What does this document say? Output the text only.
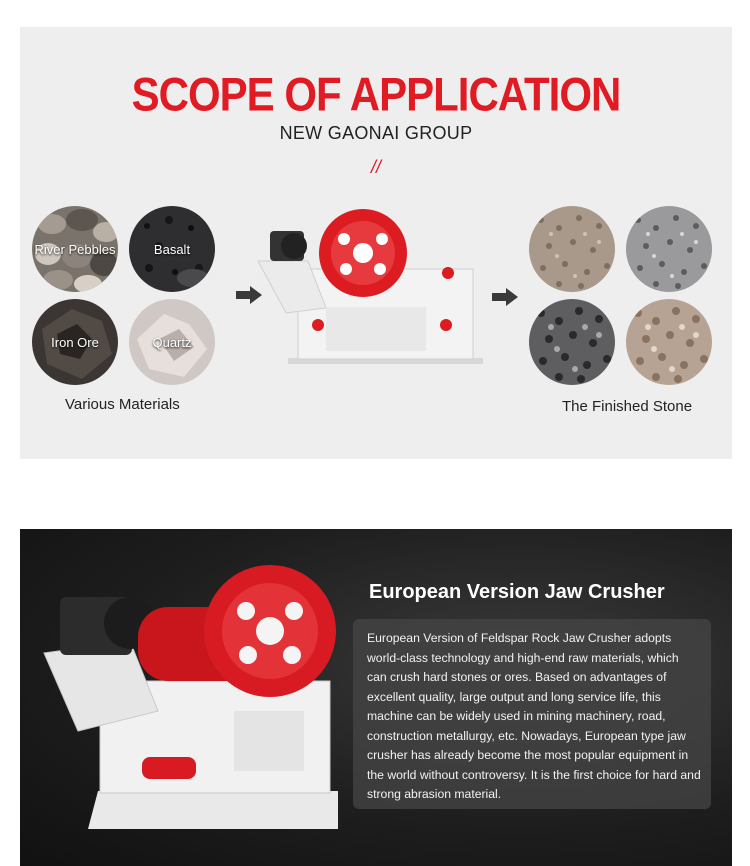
SCOPE OF APPLICATION
NEW GAONAI GROUP
//
River Pebbles	Basalt
Iron Ore	Quartz
Various Materials	The Finished Stone
European Version Jaw Crusher
European Version of Feldspar Rock Jaw Crusher adopts world-class technology and high-end raw materials, which can crush hard stones or ores. Based on advantages of excellent quality, large output and long service life, this machine can be widely used in mining machinery, road, construction metallurgy, etc. Nowadays, European type jaw crusher has already become the most popular equipment in the world without controversy. It is the first choice for hard and strong abrasion material.
